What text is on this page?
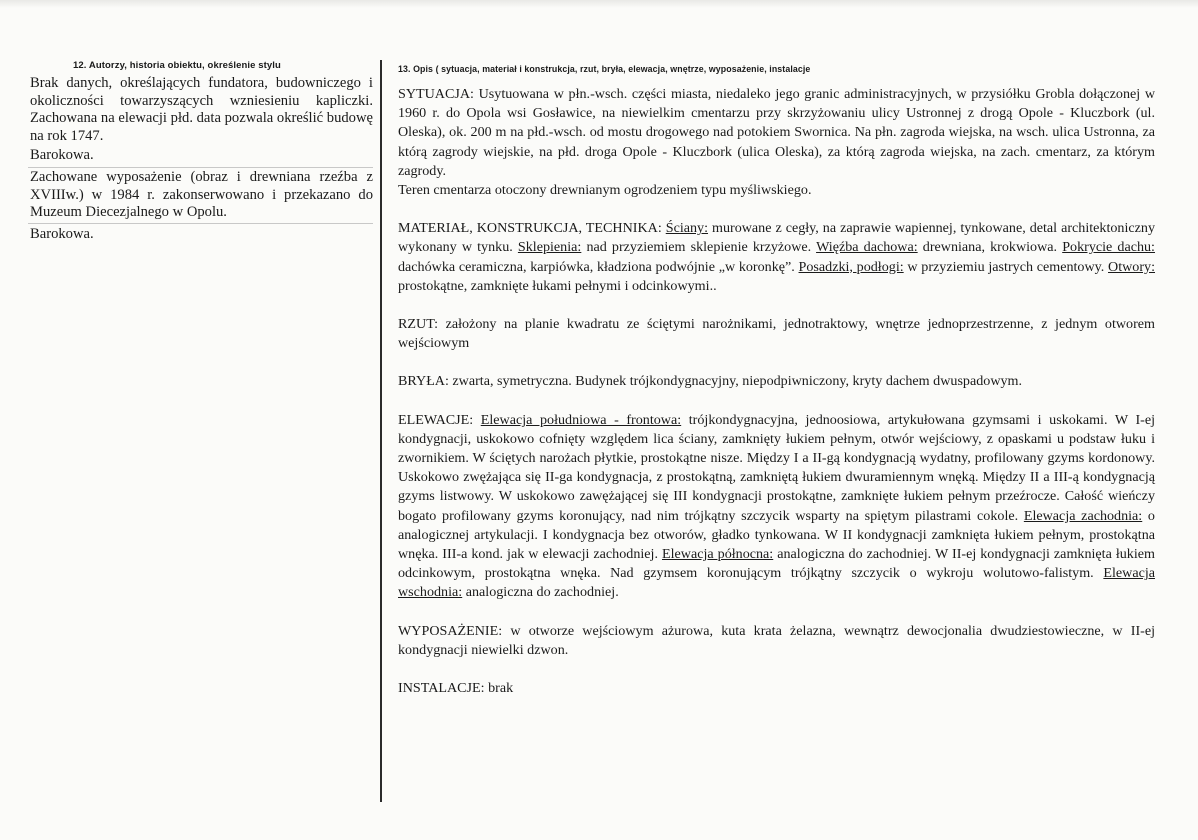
12. Autorzy, historia obiektu, określenie stylu

Brak danych, określających fundatora, budowniczego i okoliczności towarzyszących wzniesieniu kapliczki. Zachowana na elewacji płd. data pozwala określić budowę na rok 1747.

Barokowa.

Zachowane wyposażenie (obraz i drewniana rzeźba z XVIIIw.) w 1984 r. zakonserwowano i przekazano do Muzeum Diecezjalnego w Opolu.

Barokowa.

13. Opis ( sytuacja, materiał i konstrukcja, rzut, bryła, elewacja, wnętrze, wyposażenie, instalacje

SYTUACJA: Usytuowana w płn.-wsch. części miasta, niedaleko jego granic administracyjnych, w przysiółku Grobla dołączonej w 1960 r. do Opola wsi Gosławice, na niewielkim cmentarzu przy skrzyżowaniu ulicy Ustronnej z drogą Opole - Kluczbork (ul. Oleska), ok. 200 m na płd.-wsch. od mostu drogowego nad potokiem Swornica. Na płn. zagroda wiejska, na wsch. ulica Ustronna, za którą zagrody wiejskie, na płd. droga Opole - Kluczbork (ulica Oleska), za którą zagroda wiejska, na zach. cmentarz, za którym zagrody.

Teren cmentarza otoczony drewnianym ogrodzeniem typu myśliwskiego.

MATERIAŁ, KONSTRUKCJA, TECHNIKA: Ściany: murowane z cegły, na zaprawie wapiennej, tynkowane, detal architektoniczny wykonany w tynku. Sklepienia: nad przyziemiem sklepienie krzyżowe. Więźba dachowa: drewniana, krokwiowa. Pokrycie dachu: dachówka ceramiczna, karpiówka, kładziona podwójnie „w koronkę”. Posadzki, podłogi: w przyziemiu jastrych cementowy. Otwory: prostokątne, zamknięte łukami pełnymi i odcinkowymi..

RZUT: założony na planie kwadratu ze ściętymi narożnikami, jednotraktowy, wnętrze jednoprzestrzenne, z jednym otworem wejściowym

BRYŁA: zwarta, symetryczna. Budynek trójkondygnacyjny, niepodpiwniczony, kryty dachem dwuspadowym.

ELEWACJE: Elewacja południowa - frontowa: trójkondygnacyjna, jednoosiowa, artykułowana gzymsami i uskokami. W I-ej kondygnacji, uskokowo cofnięty względem lica ściany, zamknięty łukiem pełnym, otwór wejściowy, z opaskami u podstaw łuku i zwornikiem. W ściętych narożach płytkie, prostokątne nisze. Między I a II-gą kondygnacją wydatny, profilowany gzyms kordonowy. Uskokowo zwężająca się II-ga kondygnacja, z prostokątną, zamkniętą łukiem dwuramiennym wnęką. Między II a III-ą kondygnacją gzyms listwowy. W uskokowo zawężającej się III kondygnacji prostokątne, zamknięte łukiem pełnym przeźrocze. Całość wieńczy bogato profilowany gzyms koronujący, nad nim trójkątny szczycik wsparty na spiętym pilastrami cokole. Elewacja zachodnia: o analogicznej artykulacji. I kondygnacja bez otworów, gładko tynkowana. W II kondygnacji zamknięta łukiem pełnym, prostokątna wnęka. III-a kond. jak w elewacji zachodniej. Elewacja północna: analogiczna do zachodniej. W II-ej kondygnacji zamknięta łukiem odcinkowym, prostokątna wnęka. Nad gzymsem koronującym trójkątny szczycik o wykroju wolutowo-falistym. Elewacja wschodnia: analogiczna do zachodniej.

WYPOSAŻENIE: w otworze wejściowym ażurowa, kuta krata żelazna, wewnątrz dewocjonalia dwudziestowieczne, w II-ej kondygnacji niewielki dzwon.

INSTALACJE: brak
